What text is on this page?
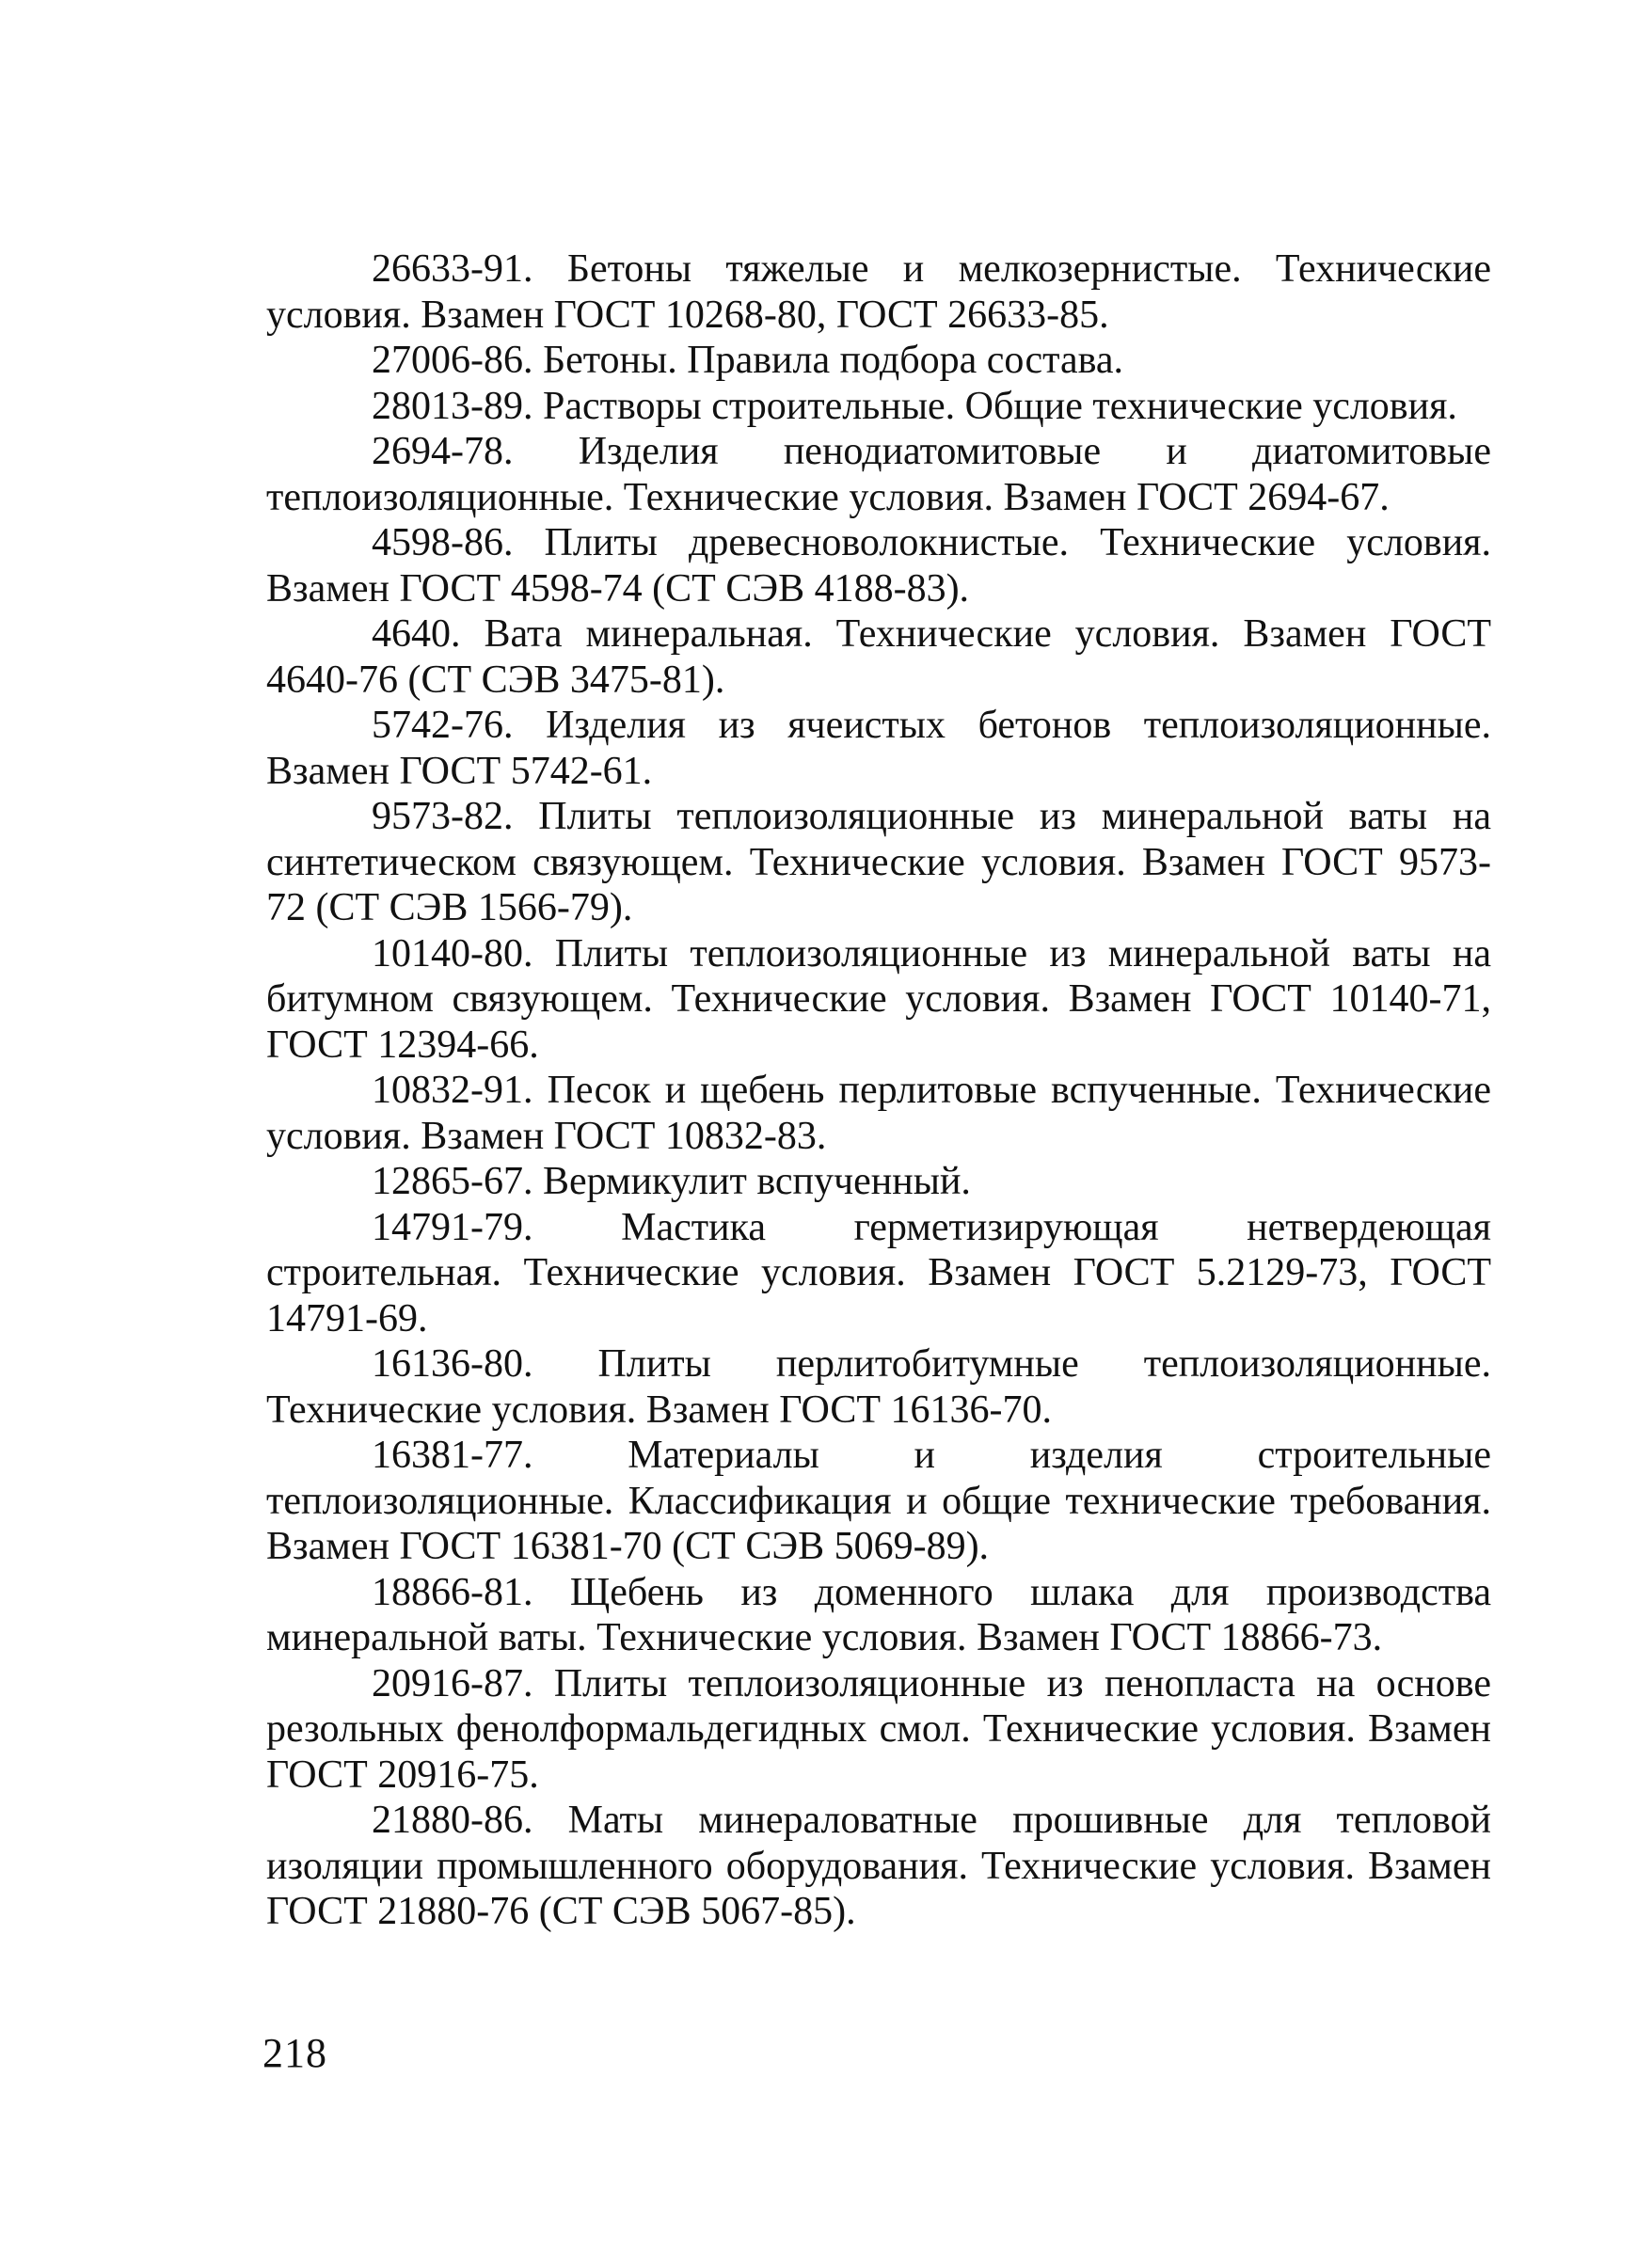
26633-91. Бетоны тяжелые и мелкозернистые. Технические условия. Взамен ГОСТ 10268-80, ГОСТ 26633-85.

27006-86. Бетоны. Правила подбора состава.

28013-89. Растворы строительные. Общие технические условия.

2694-78. Изделия пенодиатомитовые и диатомитовые теплоизоляционные. Технические условия. Взамен ГОСТ 2694-67.

4598-86. Плиты древесноволокнистые. Технические условия. Взамен ГОСТ 4598-74 (СТ СЭВ 4188-83).

4640. Вата минеральная. Технические условия. Взамен ГОСТ 4640-76 (СТ СЭВ 3475-81).

5742-76. Изделия из ячеистых бетонов теплоизоляционные. Взамен ГОСТ 5742-61.

9573-82. Плиты теплоизоляционные из минеральной ваты на синтетическом связующем. Технические условия. Взамен ГОСТ 9573-72 (СТ СЭВ 1566-79).

10140-80. Плиты теплоизоляционные из минеральной ваты на битумном связующем. Технические условия. Взамен ГОСТ 10140-71, ГОСТ 12394-66.

10832-91. Песок и щебень перлитовые вспученные. Технические условия. Взамен ГОСТ 10832-83.

12865-67. Вермикулит вспученный.

14791-79. Мастика герметизирующая нетвердеющая строительная. Технические условия. Взамен ГОСТ 5.2129-73, ГОСТ 14791-69.

16136-80. Плиты перлитобитумные теплоизоляционные. Технические условия. Взамен ГОСТ 16136-70.

16381-77. Материалы и изделия строительные теплоизоляционные. Классификация и общие технические требования. Взамен ГОСТ 16381-70 (СТ СЭВ 5069-89).

18866-81. Щебень из доменного шлака для производства минеральной ваты. Технические условия. Взамен ГОСТ 18866-73.

20916-87. Плиты теплоизоляционные из пенопласта на основе резольных фенолформальдегидных смол. Технические условия. Взамен ГОСТ 20916-75.

21880-86. Маты минераловатные прошивные для тепловой изоляции промышленного оборудования. Технические условия. Взамен ГОСТ 21880-76 (СТ СЭВ 5067-85).

218
